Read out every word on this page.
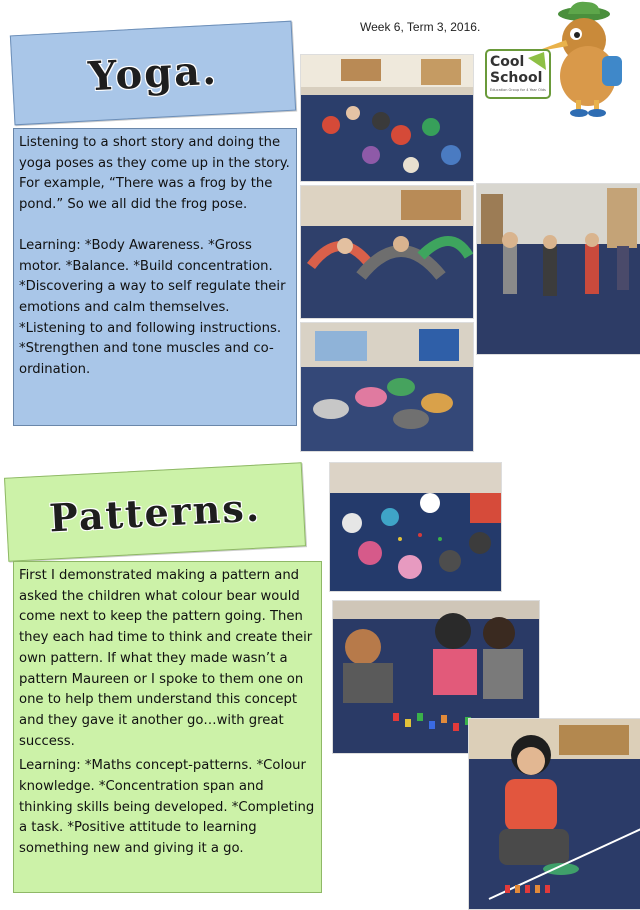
Week 6, Term 3, 2016.
Cool
School
Education Group for 4 Year Olds
Yoga.

Listening to a short story and doing the yoga poses as they come up in the story. For example, “There was a frog by the pond.” So we all did the frog pose.

Learning: *Body Awareness. *Gross motor. *Balance. *Build concentration. *Discovering a way to self regulate their emotions and calm themselves. *Listening to and following instructions. *Strengthen and tone muscles and co-ordination.

Patterns.

First I demonstrated making a pattern and asked the children what colour bear would come next to keep the pattern going. Then they each had time to think and create their own pattern. If what they made wasn’t a pattern Maureen or I spoke to them one on one to help them understand this concept and they gave it another go…with great success.

Learning: *Maths concept-patterns. *Colour knowledge. *Concentration span and thinking skills being developed. *Completing a task. *Positive attitude to learning something new and giving it a go.
